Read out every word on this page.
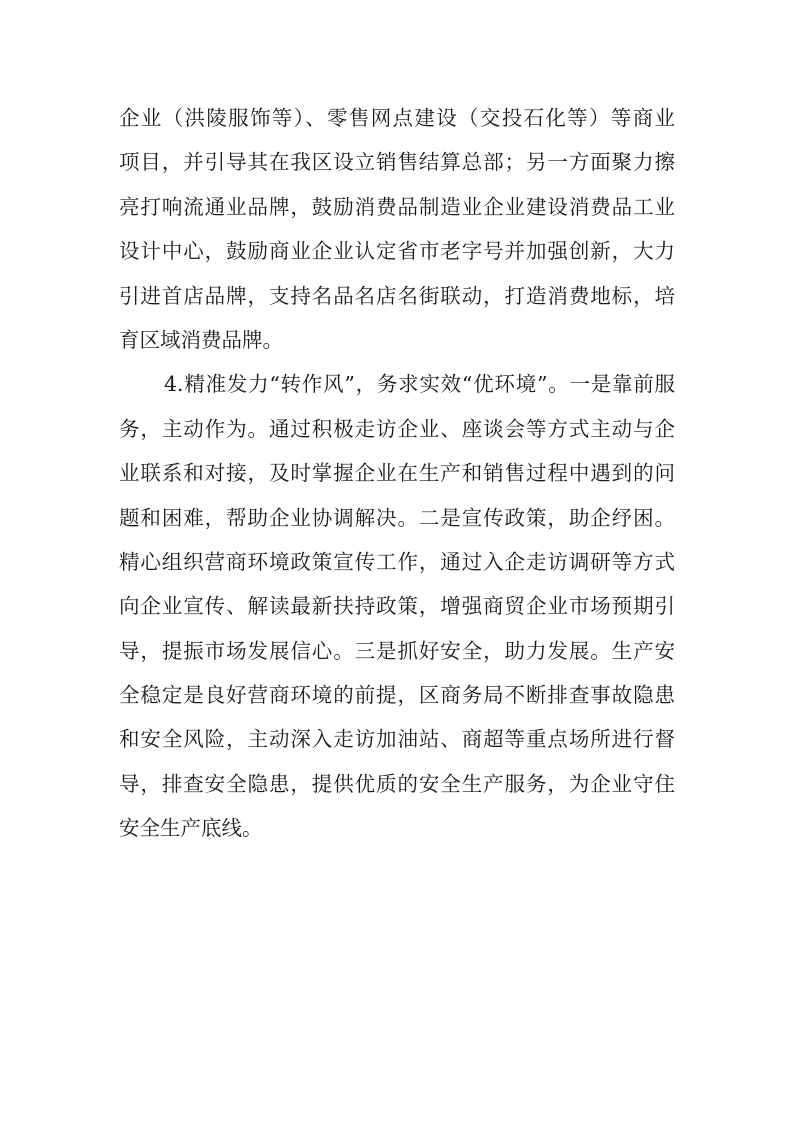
企业（洪陵服饰等）、零售网点建设（交投石化等）等商业
项目，并引导其在我区设立销售结算总部；另一方面聚力擦
亮打响流通业品牌，鼓励消费品制造业企业建设消费品工业
设计中心，鼓励商业企业认定省市老字号并加强创新，大力
引进首店品牌，支持名品名店名街联动，打造消费地标，培
育区域消费品牌。
4.精准发力“转作风”，务求实效“优环境”。一是靠前服
务，主动作为。通过积极走访企业、座谈会等方式主动与企
业联系和对接，及时掌握企业在生产和销售过程中遇到的问
题和困难，帮助企业协调解决。二是宣传政策，助企纾困。
精心组织营商环境政策宣传工作，通过入企走访调研等方式
向企业宣传、解读最新扶持政策，增强商贸企业市场预期引
导，提振市场发展信心。三是抓好安全，助力发展。生产安
全稳定是良好营商环境的前提，区商务局不断排查事故隐患
和安全风险，主动深入走访加油站、商超等重点场所进行督
导，排查安全隐患，提供优质的安全生产服务，为企业守住
安全生产底线。
